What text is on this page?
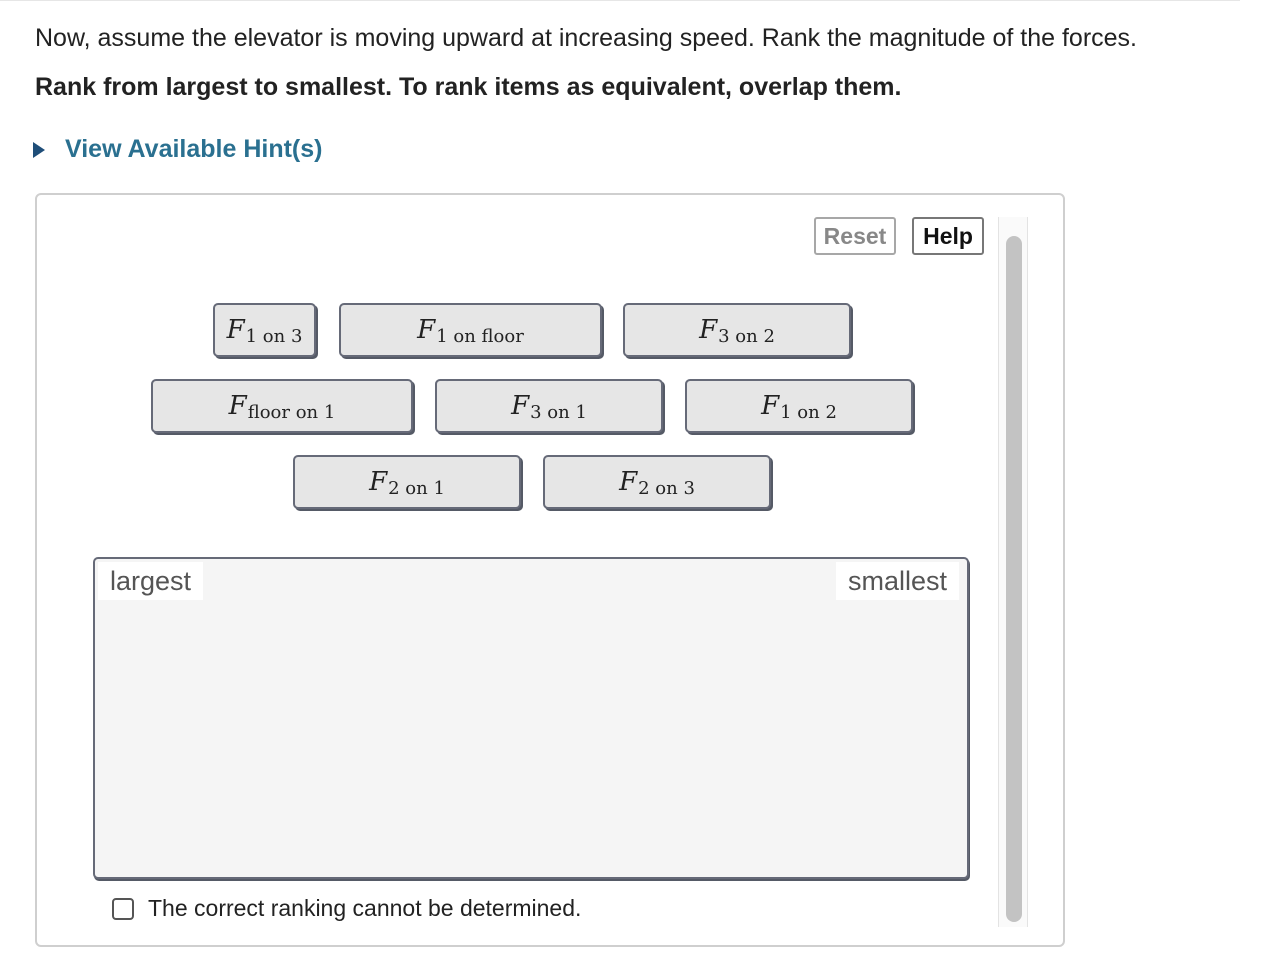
Now, assume the elevator is moving upward at increasing speed. Rank the magnitude of the forces.
Rank from largest to smallest. To rank items as equivalent, overlap them.
View Available Hint(s)
Reset	Help
F 1 on 3	F 1 on floor	F 3 on 2
F floor on 1	F 3 on 1	F 1 on 2
F 2 on 1	F 2 on 3
largest	smallest
The correct ranking cannot be determined.
